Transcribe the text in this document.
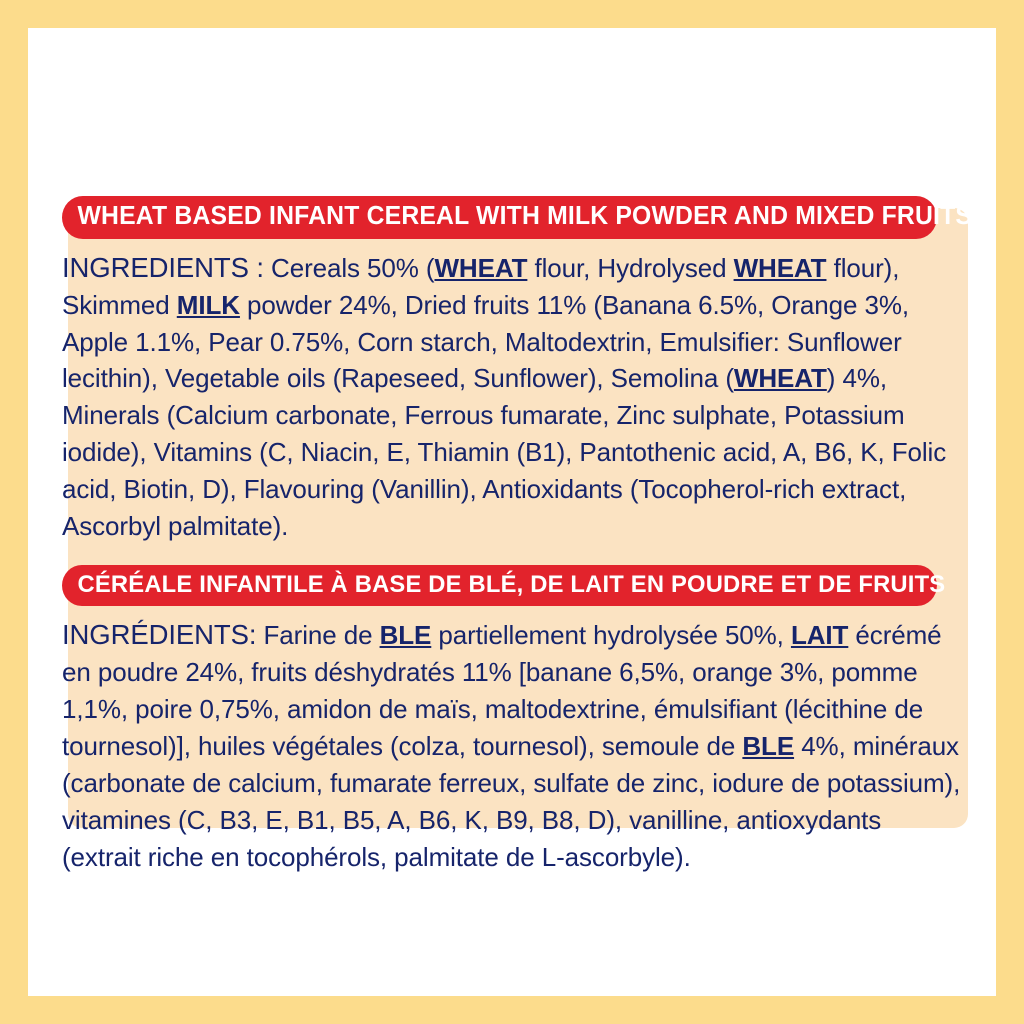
WHEAT BASED INFANT CEREAL WITH MILK POWDER AND MIXED FRUITS
INGREDIENTS : Cereals 50% (WHEAT flour, Hydrolysed WHEAT flour), Skimmed MILK powder 24%, Dried fruits 11% (Banana 6.5%, Orange 3%, Apple 1.1%, Pear 0.75%, Corn starch, Maltodextrin, Emulsifier: Sunflower lecithin), Vegetable oils (Rapeseed, Sunflower), Semolina (WHEAT) 4%, Minerals (Calcium carbonate, Ferrous fumarate, Zinc sulphate, Potassium iodide), Vitamins (C, Niacin, E, Thiamin (B1), Pantothenic acid, A, B6, K, Folic acid, Biotin, D), Flavouring (Vanillin), Antioxidants (Tocopherol-rich extract, Ascorbyl palmitate).
CÉRÉALE INFANTILE À BASE DE BLÉ, DE LAIT EN POUDRE ET DE FRUITS
INGRÉDIENTS: Farine de BLE partiellement hydrolysée 50%, LAIT écrémé en poudre 24%, fruits déshydratés 11% [banane 6,5%, orange 3%, pomme 1,1%, poire 0,75%, amidon de maïs, maltodextrine, émulsifiant (lécithine de tournesol)], huiles végétales (colza, tournesol), semoule de BLE 4%, minéraux (carbonate de calcium, fumarate ferreux, sulfate de zinc, iodure de potassium), vitamines (C, B3, E, B1, B5, A, B6, K, B9, B8, D), vanilline, antioxydants (extrait riche en tocophérols, palmitate de L-ascorbyle).
